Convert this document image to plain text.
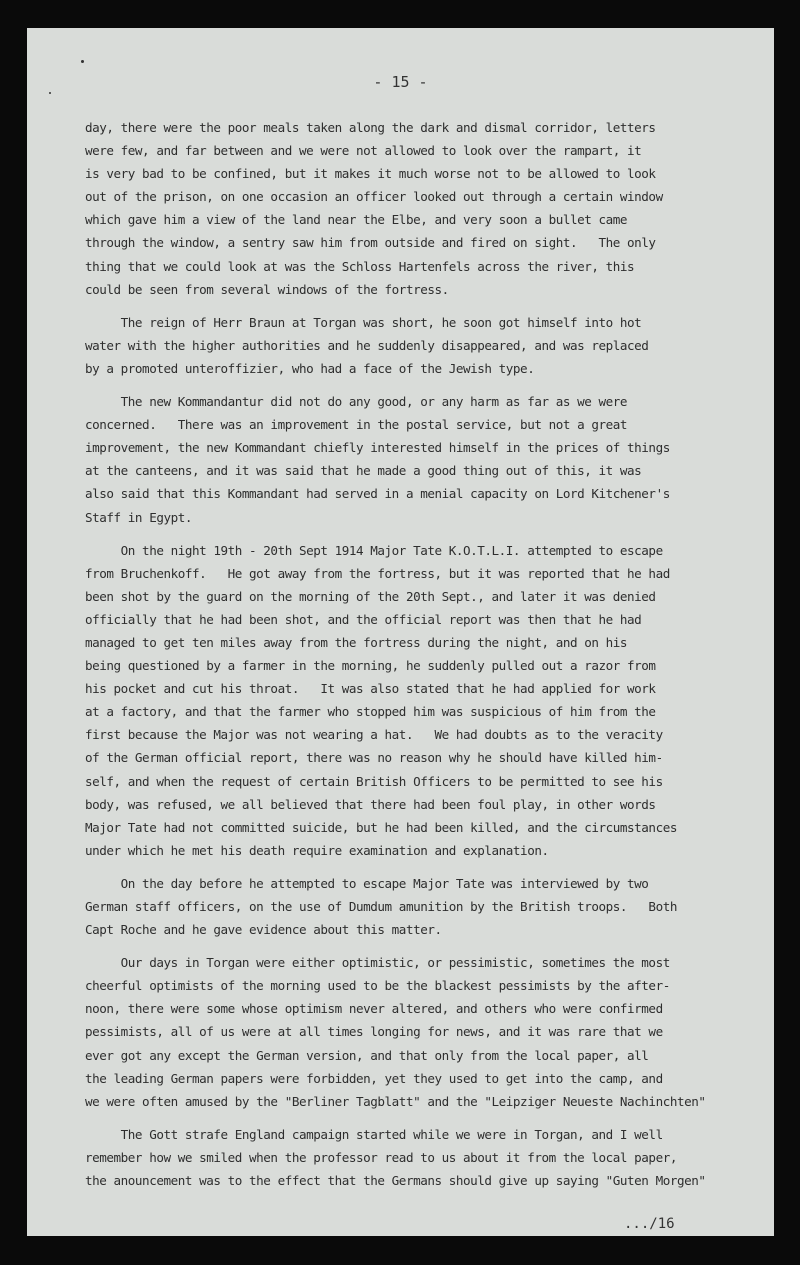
- 15 -
day, there were the poor meals taken along the dark and dismal corridor, letters
were few, and far between and we were not allowed to look over the rampart, it
is very bad to be confined, but it makes it much worse not to be allowed to look
out of the prison, on one occasion an officer looked out through a certain window
which gave him a view of the land near the Elbe, and very soon a bullet came
through the window, a sentry saw him from outside and fired on sight.   The only
thing that we could look at was the Schloss Hartenfels across the river, this
could be seen from several windows of the fortress.
The reign of Herr Braun at Torgan was short, he soon got himself into hot
water with the higher authorities and he suddenly disappeared, and was replaced
by a promoted unteroffizier, who had a face of the Jewish type.
The new Kommandantur did not do any good, or any harm as far as we were
concerned.   There was an improvement in the postal service, but not a great
improvement, the new Kommandant chiefly interested himself in the prices of things
at the canteens, and it was said that he made a good thing out of this, it was
also said that this Kommandant had served in a menial capacity on Lord Kitchener's
Staff in Egypt.
On the night 19th - 20th Sept 1914 Major Tate K.O.T.L.I. attempted to escape
from Bruchenkoff.   He got away from the fortress, but it was reported that he had
been shot by the guard on the morning of the 20th Sept., and later it was denied
officially that he had been shot, and the official report was then that he had
managed to get ten miles away from the fortress during the night, and on his
being questioned by a farmer in the morning, he suddenly pulled out a razor from
his pocket and cut his throat.   It was also stated that he had applied for work
at a factory, and that the farmer who stopped him was suspicious of him from the
first because the Major was not wearing a hat.   We had doubts as to the veracity
of the German official report, there was no reason why he should have killed him-
self, and when the request of certain British Officers to be permitted to see his
body, was refused, we all believed that there had been foul play, in other words
Major Tate had not committed suicide, but he had been killed, and the circumstances
under which he met his death require examination and explanation.
On the day before he attempted to escape Major Tate was interviewed by two
German staff officers, on the use of Dumdum amunition by the British troops.   Both
Capt Roche and he gave evidence about this matter.
Our days in Torgan were either optimistic, or pessimistic, sometimes the most
cheerful optimists of the morning used to be the blackest pessimists by the after-
noon, there were some whose optimism never altered, and others who were confirmed
pessimists, all of us were at all times longing for news, and it was rare that we
ever got any except the German version, and that only from the local paper, all
the leading German papers were forbidden, yet they used to get into the camp, and
we were often amused by the "Berliner Tagblatt" and the "Leipziger Neueste Nachinchten"
The Gott strafe England campaign started while we were in Torgan, and I well
remember how we smiled when the professor read to us about it from the local paper,
the anouncement was to the effect that the Germans should give up saying "Guten Morgen"
.../16
